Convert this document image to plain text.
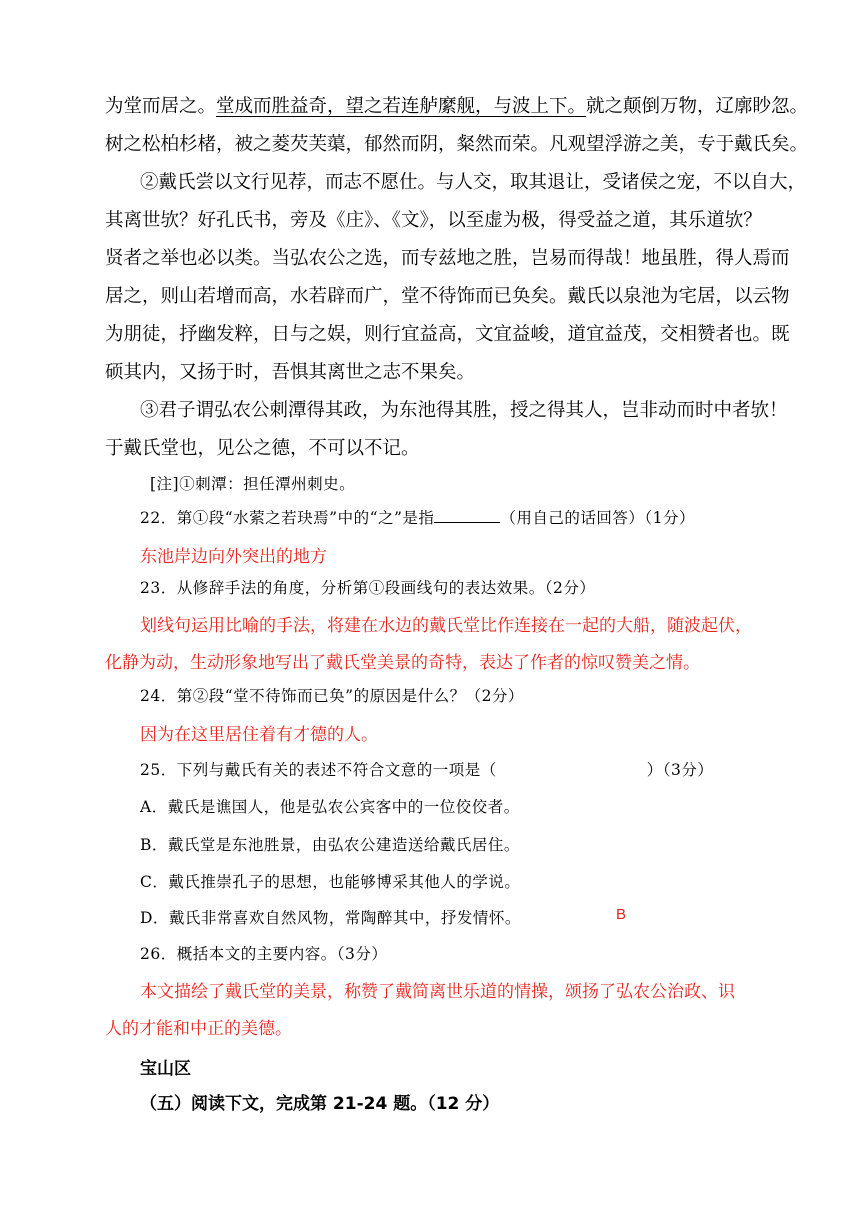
为堂而居之。堂成而胜益奇，望之若连舻縻舰，与波上下。就之颠倒万物，辽廓眇忽。
树之松柏杉楮，被之菱芡芙蕖，郁然而阴，粲然而荣。凡观望浮游之美，专于戴氏矣。
②戴氏尝以文行见荐，而志不愿仕。与人交，取其退让，受诸侯之宠，不以自大，
其离世欤？好孔氏书，旁及《庄》、《文》，以至虚为极，得受益之道，其乐道欤？
贤者之举也必以类。当弘农公之选，而专兹地之胜，岂易而得哉！地虽胜，得人焉而
居之，则山若增而高，水若辟而广，堂不待饰而已奂矣。戴氏以泉池为宅居，以云物
为朋徒，抒幽发粹，日与之娱，则行宜益高，文宜益峻，道宜益茂，交相赞者也。既
硕其内，又扬于时，吾惧其离世之志不果矣。
③君子谓弘农公刺潭得其政，为东池得其胜，授之得其人，岂非动而时中者欤！
于戴氏堂也，见公之德，不可以不记。
[注]①刺潭：担任潭州刺史。
22．第①段“水萦之若玦焉”中的“之”是指	（用自己的话回答）（1分）
东池岸边向外突出的地方
23．从修辞手法的角度，分析第①段画线句的表达效果。（2分）
划线句运用比喻的手法，将建在水边的戴氏堂比作连接在一起的大船，随波起伏，
化静为动，生动形象地写出了戴氏堂美景的奇特，表达了作者的惊叹赞美之情。
24．第②段“堂不待饰而已奂”的原因是什么？（2分）
因为在这里居住着有才德的人。
25．下列与戴氏有关的表述不符合文意的一项是（	）（3分）
A．戴氏是谯国人，他是弘农公宾客中的一位佼佼者。
B．戴氏堂是东池胜景，由弘农公建造送给戴氏居住。
C．戴氏推崇孔子的思想，也能够博采其他人的学说。
D．戴氏非常喜欢自然风物，常陶醉其中，抒发情怀。	B
26．概括本文的主要内容。（3分）
本文描绘了戴氏堂的美景，称赞了戴简离世乐道的情操，颂扬了弘农公治政、识
人的才能和中正的美德。
宝山区
（五）阅读下文，完成第 21-24 题。（12 分）
